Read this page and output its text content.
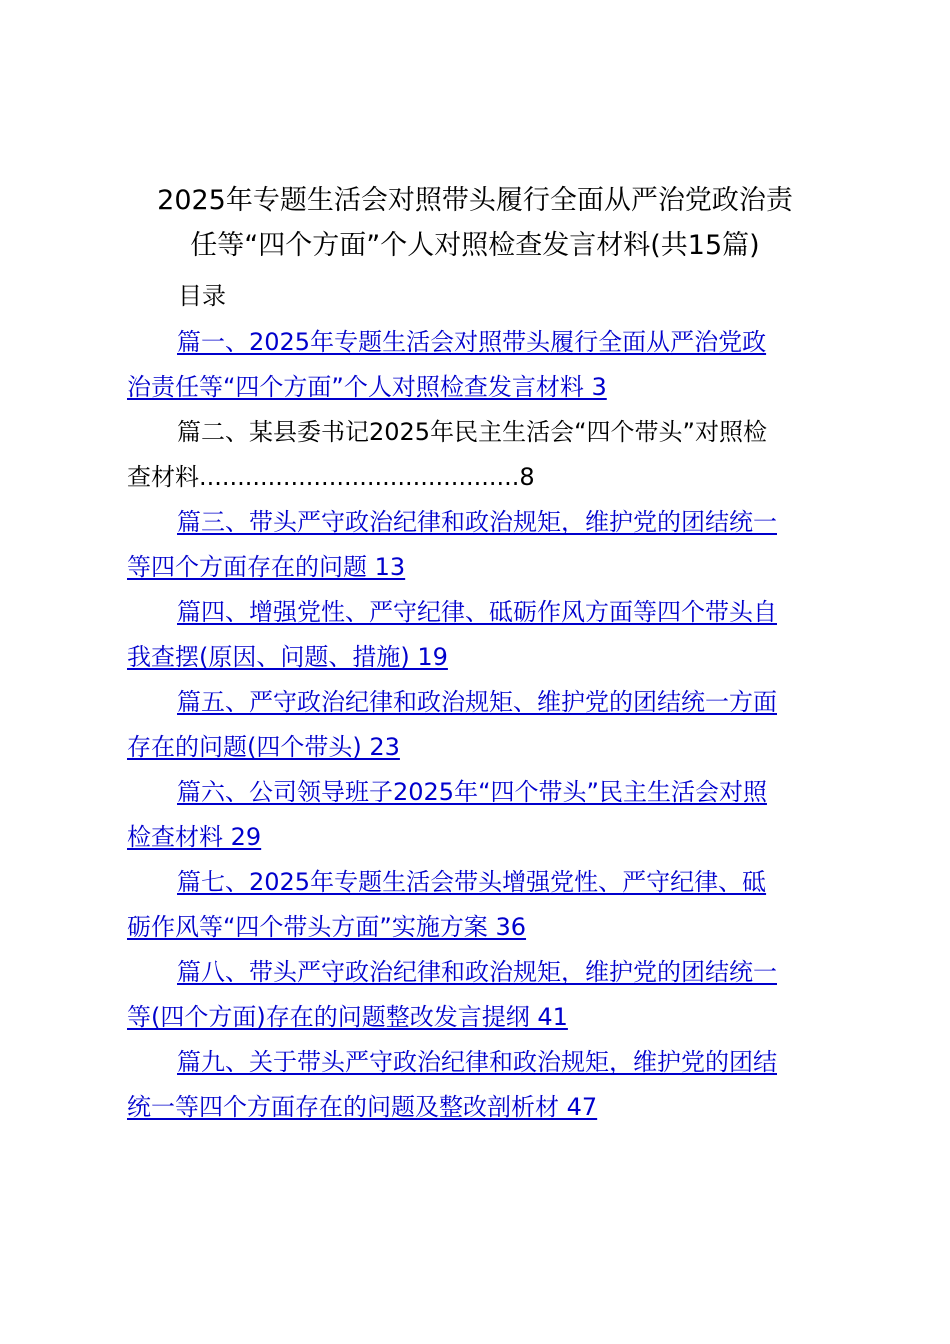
2025年专题生活会对照带头履行全面从严治党政治责
任等“四个方面”个人对照检查发言材料(共15篇)
目录

篇一、2025年专题生活会对照带头履行全面从严治党政
治责任等“四个方面”个人对照检查发言材料 3

篇二、某县委书记2025年民主生活会“四个带头”对照检
查材料..........................................8

篇三、带头严守政治纪律和政治规矩，维护党的团结统一
等四个方面存在的问题 13

篇四、增强党性、严守纪律、砥砺作风方面等四个带头自
我查摆(原因、问题、措施) 19

篇五、严守政治纪律和政治规矩、维护党的团结统一方面
存在的问题(四个带头) 23

篇六、公司领导班子2025年“四个带头”民主生活会对照
检查材料 29

篇七、2025年专题生活会带头增强党性、严守纪律、砥
砺作风等“四个带头方面”实施方案 36

篇八、带头严守政治纪律和政治规矩，维护党的团结统一
等(四个方面)存在的问题整改发言提纲 41

篇九、关于带头严守政治纪律和政治规矩，维护党的团结
统一等四个方面存在的问题及整改剖析材 47
